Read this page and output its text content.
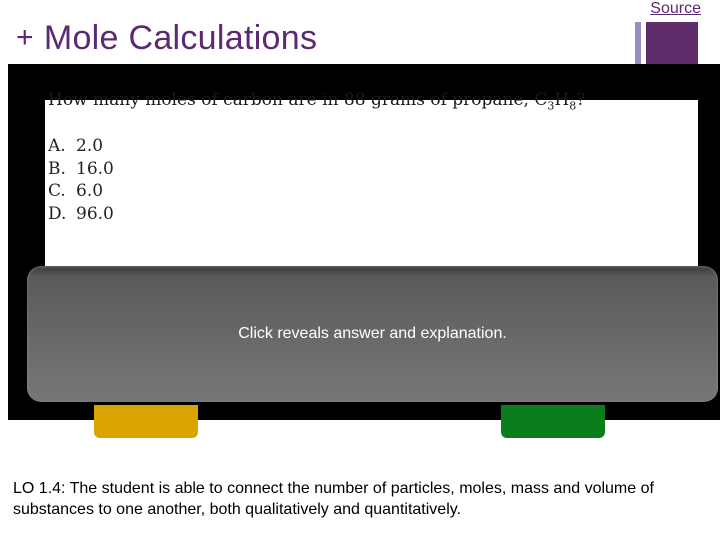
Source
+ Mole Calculations
How many moles of carbon are in 88 grams of propane, $C_3H_8$?
A. 2.0
B. 16.0
C. 6.0
D. 96.0
Click reveals answer and explanation.
LO 1.4: The student is able to connect the number of particles, moles, mass and volume of substances to one another, both qualitatively and quantitatively.
